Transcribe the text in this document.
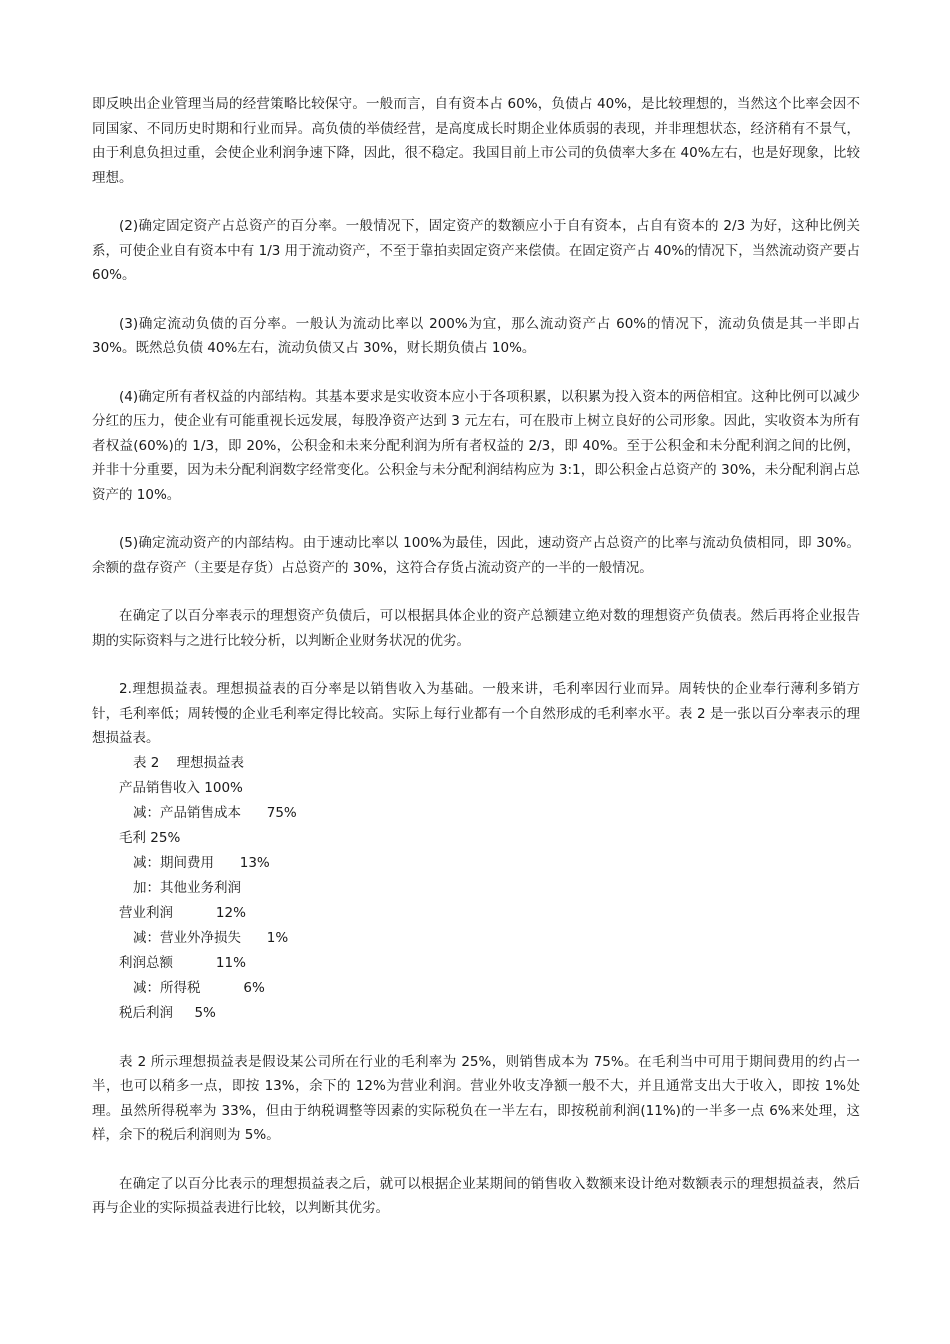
即反映出企业管理当局的经营策略比较保守。一般而言，自有资本占 60%，负债占 40%，是比较理想的，当然这个比率会因不同国家、不同历史时期和行业而异。高负债的举债经营，是高度成长时期企业体质弱的表现，并非理想状态，经济稍有不景气，由于利息负担过重，会使企业利润争速下降，因此，很不稳定。我国目前上市公司的负债率大多在 40%左右，也是好现象，比较理想。

(2)确定固定资产占总资产的百分率。一般情况下，固定资产的数额应小于自有资本，占自有资本的 2/3 为好，这种比例关系，可使企业自有资本中有 1/3 用于流动资产，不至于靠拍卖固定资产来偿债。在固定资产占 40%的情况下，当然流动资产要占 60%。

(3)确定流动负债的百分率。一般认为流动比率以 200%为宜，那么流动资产占 60%的情况下，流动负债是其一半即占 30%。既然总负债 40%左右，流动负债又占 30%，财长期负债占 10%。

(4)确定所有者权益的内部结构。其基本要求是实收资本应小于各项积累，以积累为投入资本的两倍相宜。这种比例可以减少分红的压力，使企业有可能重视长远发展，每股净资产达到 3 元左右，可在股市上树立良好的公司形象。因此，实收资本为所有者权益(60%)的 1/3，即 20%，公积金和未来分配利润为所有者权益的 2/3，即 40%。至于公积金和未分配利润之间的比例，并非十分重要，因为未分配利润数字经常变化。公积金与未分配利润结构应为 3:1，即公积金占总资产的 30%，未分配利润占总资产的 10%。

(5)确定流动资产的内部结构。由于速动比率以 100%为最佳，因此，速动资产占总资产的比率与流动负债相同，即 30%。余额的盘存资产（主要是存货）占总资产的 30%，这符合存货占流动资产的一半的一般情况。

在确定了以百分率表示的理想资产负债后，可以根据具体企业的资产总额建立绝对数的理想资产负债表。然后再将企业报告期的实际资料与之进行比较分析，以判断企业财务状况的优劣。

2.理想损益表。理想损益表的百分率是以销售收入为基础。一般来讲，毛利率因行业而异。周转快的企业奉行薄利多销方针，毛利率低；周转慢的企业毛利率定得比较高。实际上每行业都有一个自然形成的毛利率水平。表 2 是一张以百分率表示的理想损益表。

表 2    理想损益表
产品销售收入 100%
减：产品销售成本      75%
毛利 25%
减：期间费用      13%
加：其他业务利润
营业利润          12%
减：营业外净损失      1%
利润总额          11%
减：所得税          6%
税后利润     5%

表 2 所示理想损益表是假设某公司所在行业的毛利率为 25%，则销售成本为 75%。在毛利当中可用于期间费用的约占一半，也可以稍多一点，即按 13%，余下的 12%为营业利润。营业外收支净额一般不大，并且通常支出大于收入，即按 1%处理。虽然所得税率为 33%，但由于纳税调整等因素的实际税负在一半左右，即按税前利润(11%)的一半多一点 6%来处理，这样，余下的税后利润则为 5%。

在确定了以百分比表示的理想损益表之后，就可以根据企业某期间的销售收入数额来设计绝对数额表示的理想损益表，然后再与企业的实际损益表进行比较，以判断其优劣。
